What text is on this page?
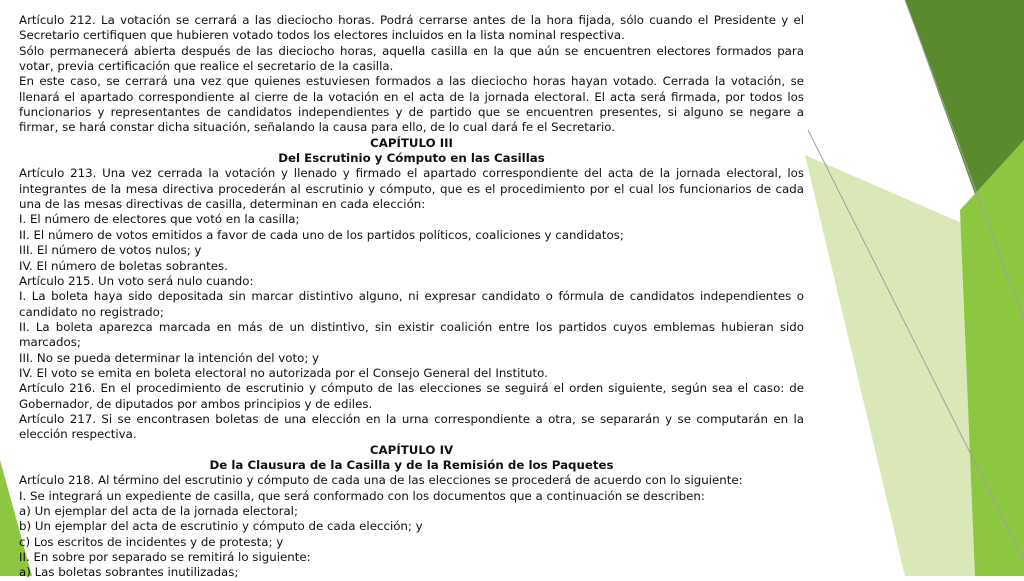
Artículo 212. La votación se cerrará a las dieciocho horas. Podrá cerrarse antes de la hora fijada, sólo cuando el Presidente y el Secretario certifiquen que hubieren votado todos los electores incluidos en la lista nominal respectiva.

Sólo permanecerá abierta después de las dieciocho horas, aquella casilla en la que aún se encuentren electores formados para votar, previa certificación que realice el secretario de la casilla.

En este caso, se cerrará una vez que quienes estuviesen formados a las dieciocho horas hayan votado. Cerrada la votación, se llenará el apartado correspondiente al cierre de la votación en el acta de la jornada electoral. El acta será firmada, por todos los funcionarios y representantes de candidatos independientes y de partido que se encuentren presentes, si alguno se negare a firmar, se hará constar dicha situación, señalando la causa para ello, de lo cual dará fe el Secretario.

CAPÍTULO III

Del Escrutinio y Cómputo en las Casillas

Artículo 213. Una vez cerrada la votación y llenado y firmado el apartado correspondiente del acta de la jornada electoral, los integrantes de la mesa directiva procederán al escrutinio y cómputo, que es el procedimiento por el cual los funcionarios de cada una de las mesas directivas de casilla, determinan en cada elección:

I. El número de electores que votó en la casilla;

II. El número de votos emitidos a favor de cada uno de los partidos políticos, coaliciones y candidatos;

III. El número de votos nulos; y

IV. El número de boletas sobrantes.

Artículo 215. Un voto será nulo cuando:

I. La boleta haya sido depositada sin marcar distintivo alguno, ni expresar candidato o fórmula de candidatos independientes o candidato no registrado;

II. La boleta aparezca marcada en más de un distintivo, sin existir coalición entre los partidos cuyos emblemas hubieran sido marcados;

III. No se pueda determinar la intención del voto; y

IV. El voto se emita en boleta electoral no autorizada por el Consejo General del Instituto.

Artículo 216. En el procedimiento de escrutinio y cómputo de las elecciones se seguirá el orden siguiente, según sea el caso: de Gobernador, de diputados por ambos principios y de ediles.

Artículo 217. Si se encontrasen boletas de una elección en la urna correspondiente a otra, se separarán y se computarán en la elección respectiva.

CAPÍTULO IV

De la Clausura de la Casilla y de la Remisión de los Paquetes

Artículo 218. Al término del escrutinio y cómputo de cada una de las elecciones se procederá de acuerdo con lo siguiente:

I. Se integrará un expediente de casilla, que será conformado con los documentos que a continuación se describen:

a) Un ejemplar del acta de la jornada electoral;

b) Un ejemplar del acta de escrutinio y cómputo de cada elección; y

c) Los escritos de incidentes y de protesta; y

II. En sobre por separado se remitirá lo siguiente:

a) Las boletas sobrantes inutilizadas;
